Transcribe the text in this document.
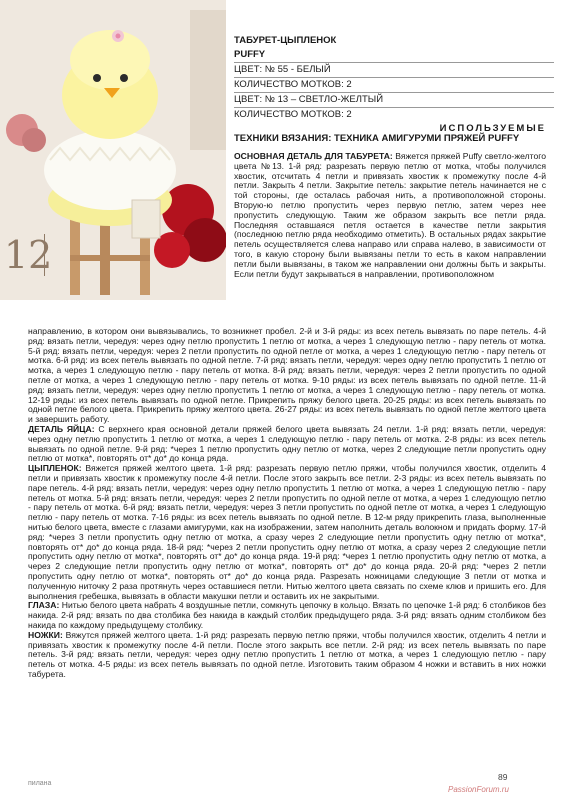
12
ТАБУРЕТ-ЦЫПЛЕНОК
PUFFY
ЦВЕТ: № 55 - БЕЛЫЙ
КОЛИЧЕСТВО МОТКОВ: 2
ЦВЕТ: № 13 – СВЕТЛО-ЖЕЛТЫЙ
КОЛИЧЕСТВО МОТКОВ: 2
ИСПОЛЬЗУЕМЫЕ
ТЕХНИКИ ВЯЗАНИЯ: ТЕХНИКА АМИГУРУМИ ПРЯЖЕЙ PUFFY

ОСНОВНАЯ ДЕТАЛЬ ДЛЯ ТАБУРЕТА: Вяжется пряжей Puffy светло-желтого цвета №13. 1-й ряд: разрезать первую петлю от мотка, чтобы получился хвостик, отсчитать 4 петли и привязать хвостик к промежутку после 4-й петли. Закрыть 4 петли. Закрытие петель: закрытие петель начинается не с той стороны, где осталась рабочая нить, а противоположной стороны. Вторую-ю петлю пропустить через первую петлю, затем через нее пропустить следующую. Таким же образом закрыть все петли ряда. Последняя оставшаяся петля остается в качестве петли закрытия (последнюю петлю ряда необходимо отметить). В остальных рядах закрытие петель осуществляется слева направо или справа налево, в зависимости от того, в какую сторону были вывязаны петли то есть в каком направлении петли были вывязаны, в таком же направлении они должны быть и закрыты. Если петли будут закрываться в направлении, противоположном

направлению, в котором они вывязывались, то возникнет пробел. 2-й и 3-й ряды: из всех петель вывязать по паре петель. 4-й ряд: вязать петли, чередуя: через одну петлю пропустить 1 петлю от мотка, а через 1 следующую петлю - пару петель от мотка. 5-й ряд: вязать петли, чередуя: через 2 петли пропустить по одной петле от мотка, а через 1 следующую петлю - пару петель от мотка. 6-й ряд: из всех петель вывязать по одной петле. 7-й ряд: вязать петли, чередуя: через одну петлю пропустить 1 петлю от мотка, а через 1 следующую петлю - пару петель от мотка. 8-й ряд: вязать петли, чередуя: через 2 петли пропустить по одной петле от мотка, а через 1 следующую петлю - пару петель от мотка. 9-10 ряды: из всех петель вывязать по одной петле. 11-й ряд: вязать петли, чередуя: через одну петлю пропустить 1 петлю от мотка, а через 1 следующую петлю - пару петель от мотка. 12-19 ряды: из всех петель вывязать по одной петле. Прикрепить пряжу белого цвета. 20-25 ряды: из всех петель вывязать по одной петле белого цвета. Прикрепить пряжу желтого цвета. 26-27 ряды: из всех петель вывязать по одной петле желтого цвета и завершить работу.

ДЕТАЛЬ ЯЙЦА: С верхнего края основной детали пряжей белого цвета вывязать 24 петли. 1-й ряд: вязать петли, чередуя: через одну петлю пропустить 1 петлю от мотка, а через 1 следующую петлю - пару петель от мотка. 2-8 ряды: из всех петель вывязать по одной петле. 9-й ряд: *через 1 петлю пропустить одну петлю от мотка, через 2 следующие петли пропустить одну петлю от мотка*, повторять от* до* до конца ряда.

ЦЫПЛЕНОК: Вяжется пряжей желтого цвета. 1-й ряд: разрезать первую петлю пряжи, чтобы получился хвостик, отделить 4 петли и привязать хвостик к промежутку после 4-й петли. После этого закрыть все петли. 2-3 ряды: из всех петель вывязать по паре петель. 4-й ряд: вязать петли, чередуя: через одну петлю пропустить 1 петлю от мотка, а через 1 следующую петлю - пару петель от мотка. 5-й ряд: вязать петли, чередуя: через 2 петли пропустить по одной петле от мотка, а через 1 следующую петлю - пару петель от мотка. 6-й ряд: вязать петли, чередуя: через 3 петли пропустить по одной петле от мотка, а через 1 следующую петлю - пару петель от мотка. 7-16 ряды: из всех петель вывязать по одной петле. В 12-м ряду прикрепить глаза, выполненные нитью белого цвета, вместе с глазами амигуруми, как на изображении, затем наполнить деталь волокном и придать форму. 17-й ряд: *через 3 петли пропустить одну петлю от мотка, а сразу через 2 следующие петли пропустить одну петлю от мотка*, повторять от* до* до конца ряда. 18-й ряд: *через 2 петли пропустить одну петлю от мотка, а сразу через 2 следующие петли пропустить одну петлю от мотка*, повторять от* до* до конца ряда. 19-й ряд: *через 1 петлю пропустить одну петлю от мотка, а через 2 следующие петли пропустить одну петлю от мотка*, повторять от* до* до конца ряда. 20-й ряд: *через 2 петли пропустить одну петлю от мотка*, повторять от* до* до конца ряда. Разрезать ножницами следующие 3 петли от мотка и полученную ниточку 2 раза протянуть через оставшиеся петли. Нитью желтого цвета связать по схеме клюв и пришить его. Для выполнения гребешка, вывязать в области макушки петли и оставить их не закрытыми.

ГЛАЗА: Нитью белого цвета набрать 4 воздушные петли, сомкнуть цепочку в кольцо. Вязать по цепочке 1-й ряд: 6 столбиков без накида. 2-й ряд: вязать по два столбика без накида в каждый столбик предыдущего ряда. 3-й ряд: вязать одним столбиком без накида по каждому предыдущему столбику.

НОЖКИ: Вяжутся пряжей желтого цвета. 1-й ряд: разрезать первую петлю пряжи, чтобы получился хвостик, отделить 4 петли и привязать хвостик к промежутку после 4-й петли. После этого закрыть все петли. 2-й ряд: из всех петель вывязать по паре петель. 3-й ряд: вязать петли, чередуя: через одну петлю пропустить 1 петлю от мотка, а через 1 следующую петлю - пару петель от мотка. 4-5 ряды: из всех петель вывязать по одной петле. Изготовить таким образом 4 ножки и вставить в них ножки табурета.

пилана
89
PassionForum.ru
